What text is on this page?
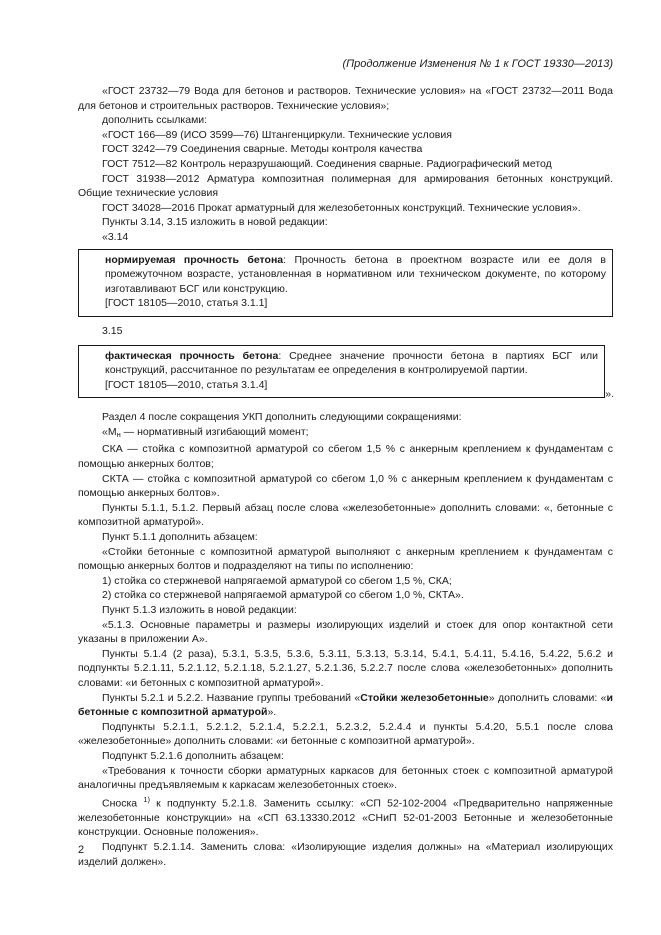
(Продолжение Изменения № 1 к ГОСТ 19330—2013)

«ГОСТ 23732—79 Вода для бетонов и растворов. Технические условия» на «ГОСТ 23732—2011 Вода для бетонов и строительных растворов. Технические условия»;

дополнить ссылками:

«ГОСТ 166—89 (ИСО 3599—76) Штангенциркули. Технические условия

ГОСТ 3242—79 Соединения сварные. Методы контроля качества

ГОСТ 7512—82 Контроль неразрушающий. Соединения сварные. Радиографический метод

ГОСТ 31938—2012 Арматура композитная полимерная для армирования бетонных конструкций. Общие технические условия

ГОСТ 34028—2016 Прокат арматурный для железобетонных конструкций. Технические условия».

Пункты 3.14, 3.15 изложить в новой редакции:

«3.14

нормируемая прочность бетона: Прочность бетона в проектном возрасте или ее доля в промежуточном возрасте, установленная в нормативном или техническом документе, по которому изготавливают БСГ или конструкцию.

[ГОСТ 18105—2010, статья 3.1.1]

3.15

фактическая прочность бетона: Среднее значение прочности бетона в партиях БСГ или конструкций, рассчитанное по результатам ее определения в контролируемой партии.

[ГОСТ 18105—2010, статья 3.1.4]

».

Раздел 4 после сокращения УКП дополнить следующими сокращениями:

«$М_н$ — нормативный изгибающий момент;

СКА — стойка с композитной арматурой со сбегом 1,5 % с анкерным креплением к фундаментам с помощью анкерных болтов;

СКТА — стойка с композитной арматурой со сбегом 1,0 % с анкерным креплением к фундаментам с помощью анкерных болтов».

Пункты 5.1.1, 5.1.2. Первый абзац после слова «железобетонные» дополнить словами: «, бетонные с композитной арматурой».

Пункт 5.1.1 дополнить абзацем:

«Стойки бетонные с композитной арматурой выполняют с анкерным креплением к фундаментам с помощью анкерных болтов и подразделяют на типы по исполнению:

1) стойка со стержневой напрягаемой арматурой со сбегом 1,5 %, СКА;

2) стойка со стержневой напрягаемой арматурой со сбегом 1,0 %, СКТА».

Пункт 5.1.3 изложить в новой редакции:

«5.1.3. Основные параметры и размеры изолирующих изделий и стоек для опор контактной сети указаны в приложении А».

Пункты 5.1.4 (2 раза), 5.3.1, 5.3.5, 5.3.6, 5.3.11, 5.3.13, 5.3.14, 5.4.1, 5.4.11, 5.4.16, 5.4.22, 5.6.2 и подпункты 5.2.1.11, 5.2.1.12, 5.2.1.18, 5.2.1.27, 5.2.1.36, 5.2.2.7 после слова «железобетонных» дополнить словами: «и бетонных с композитной арматурой».

Пункты 5.2.1 и 5.2.2. Название группы требований «Стойки железобетонные» дополнить словами: «и бетонные с композитной арматурой».

Подпункты 5.2.1.1, 5.2.1.2, 5.2.1.4, 5.2.2.1, 5.2.3.2, 5.2.4.4 и пункты 5.4.20, 5.5.1 после слова «железобетонные» дополнить словами: «и бетонные с композитной арматурой».

Подпункт 5.2.1.6 дополнить абзацем:

«Требования к точности сборки арматурных каркасов для бетонных стоек с композитной арматурой аналогичны предъявляемым к каркасам железобетонных стоек».

Сноска $^{1)}$ к подпункту 5.2.1.8. Заменить ссылку: «СП 52-102-2004 «Предварительно напряженные железобетонные конструкции» на «СП 63.13330.2012 «СНиП 52-01-2003 Бетонные и железобетонные конструкции. Основные положения».

Подпункт 5.2.1.14. Заменить слова: «Изолирующие изделия должны» на «Материал изолирующих изделий должен».

2
